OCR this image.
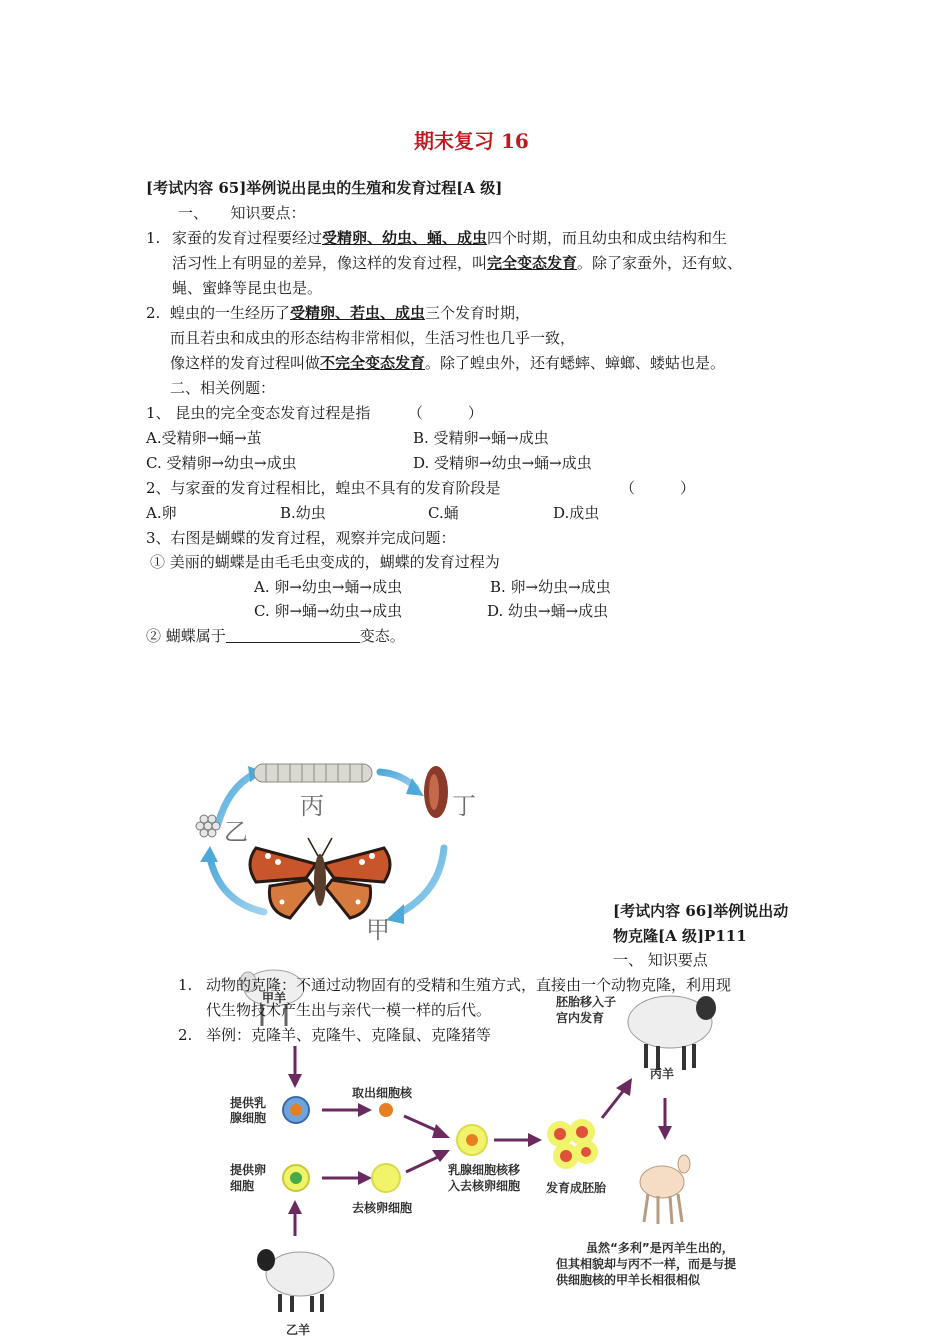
期末复习 16
[考试内容 65]举例说出昆虫的生殖和发育过程[A 级]
一、　　知识要点：
1. 家蚕的发育过程要经过受精卵、幼虫、蛹、成虫四个时期，而且幼虫和成虫结构和生
活习性上有明显的差异，像这样的发育过程，叫完全变态发育。除了家蚕外，还有蚊、
蝇、蜜蜂等昆虫也是。
2. 蝗虫的一生经历了受精卵、若虫、成虫三个发育时期，
而且若虫和成虫的形态结构非常相似，生活习性也几乎一致，
像这样的发育过程叫做不完全变态发育。除了蝗虫外，还有蟋蟀、蟑螂、蝼蛄也是。
二、相关例题：
1、 昆虫的完全变态发育过程是指　　　（　　　）
A.受精卵→蛹→茧	B. 受精卵→蛹→成虫
C. 受精卵→幼虫→成虫	D. 受精卵→幼虫→蛹→成虫
2、与家蚕的发育过程相比，蝗虫不具有的发育阶段是	（　　　）
A.卵	B.幼虫	C.蛹	D.成虫
3、右图是蝴蝶的发育过程，观察并完成问题：
① 美丽的蝴蝶是由毛毛虫变成的，蝴蝶的发育过程为
A. 卵→幼虫→蛹→成虫	B. 卵→幼虫→成虫
C. 卵→蛹→幼虫→成虫	D. 幼虫→蛹→成虫
② 蝴蝶属于	变态。
丙	丁
乙
甲
[考试内容 66]举例说出动
物克隆[A 级]P111
一、 知识要点
甲羊
提供乳
腺细胞
取出细胞核
提供卵
细胞
去核卵细胞
乳腺细胞核移
入去核卵细胞 发育成胚胎
胚胎移入子
宫内发育
丙羊
虽然“多利”是丙羊生出的，
但其相貌却与丙不一样，而是与提
供细胞核的甲羊长相很相似
乙羊
1. 动物的克隆：不通过动物固有的受精和生殖方式，直接由一个动物克隆，利用现
代生物技术产生出与亲代一模一样的后代。
2. 举例：克隆羊、克隆牛、克隆鼠、克隆猪等
